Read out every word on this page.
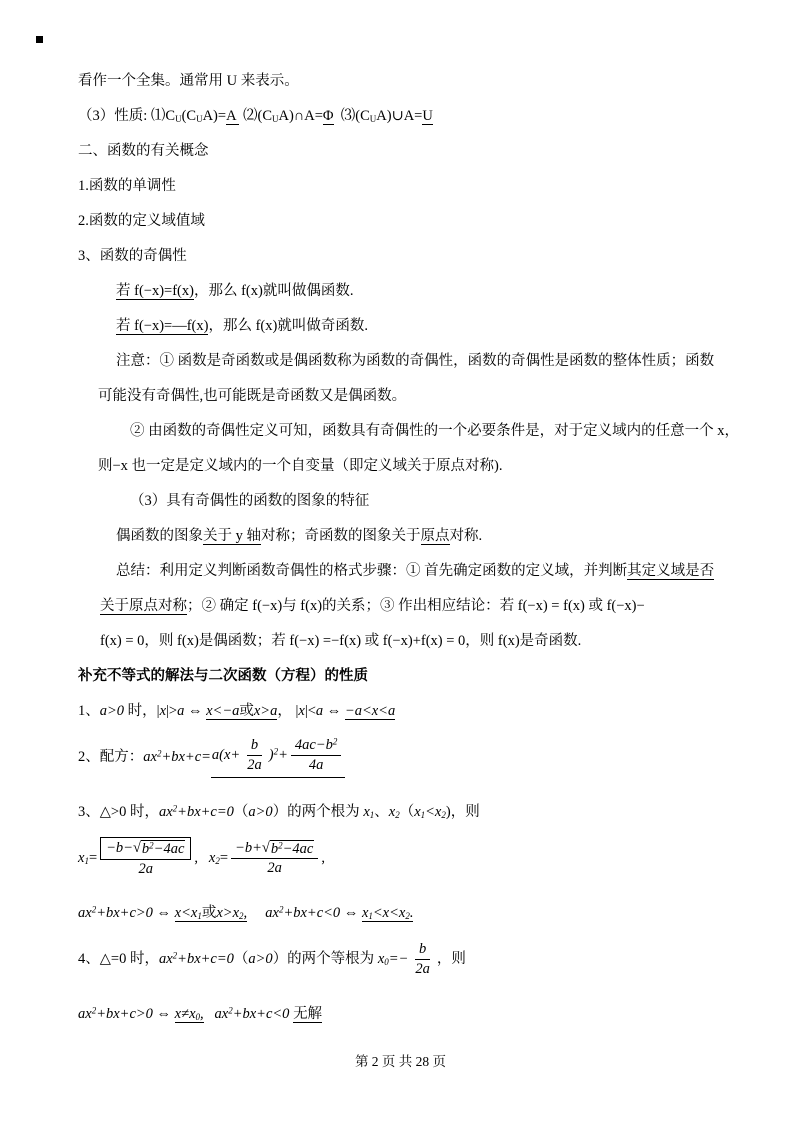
看作一个全集。通常用 U 来表示。

（3）性质: $⑴C_U(C_UA)=A$  $⑵(C_UA)\cap A=\Phi$  $⑶(C_UA)\cup A=U$

二、函数的有关概念

1.函数的单调性

2.函数的定义域值域

3、函数的奇偶性

若 f(−x)=f(x)，那么 f(x)就叫做偶函数.

若 f(−x)=—f(x)，那么 f(x)就叫做奇函数.

注意：① 函数是奇函数或是偶函数称为函数的奇偶性，函数的奇偶性是函数的整体性质；函数

可能没有奇偶性,也可能既是奇函数又是偶函数。

② 由函数的奇偶性定义可知，函数具有奇偶性的一个必要条件是，对于定义域内的任意一个 x，

则−x 也一定是定义域内的一个自变量（即定义域关于原点对称).

（3）具有奇偶性的函数的图象的特征

偶函数的图象关于 y 轴对称；奇函数的图象关于原点对称.

总结：利用定义判断函数奇偶性的格式步骤：① 首先确定函数的定义域，并判断其定义域是否

关于原点对称；② 确定 f(−x)与 f(x)的关系；③ 作出相应结论：若 f(−x) = f(x) 或 f(−x)−

f(x) = 0，则 f(x)是偶函数；若 f(−x) =−f(x) 或 f(−x)+f(x) = 0，则 f(x)是奇函数.

补充不等式的解法与二次函数（方程）的性质

1、a>0 时，|x|>a ⇔ x<−a或x>a， |x|<a ⇔ −a<x<a

2、配方： $ax^2 +bx+c= a(x+ \frac{b}{2a} )^2 + \frac{4ac-b^2}{4a}$

3、△>0 时，$ax^2+bx+c=0(a>0)$的两个根为 $x_1$、$x_2(x_1<x_2)$，则

$x_1 = \frac{-b- √ b^2-4ac}{2a}$ , $x_2 = \frac{-b+ √ b^2-4ac}{2a}$ ,

$ax^2+bx+c>0$ ⇔ $x<x_1$或$x>x_2$, $ax^2+bx+c<0$ ⇔ $x_1<x<x_2$.

4、△=0 时， $ax^2 +bx+c=0$ （ a>0 ）的两个等根为 $x_0 =- \frac{b}{2a}$ ，则

$ax^2+bx+c>0$ ⇔ $x\ne x_0$, $ax^2+bx+c<0$ 无解

第 2 页 共 28 页
